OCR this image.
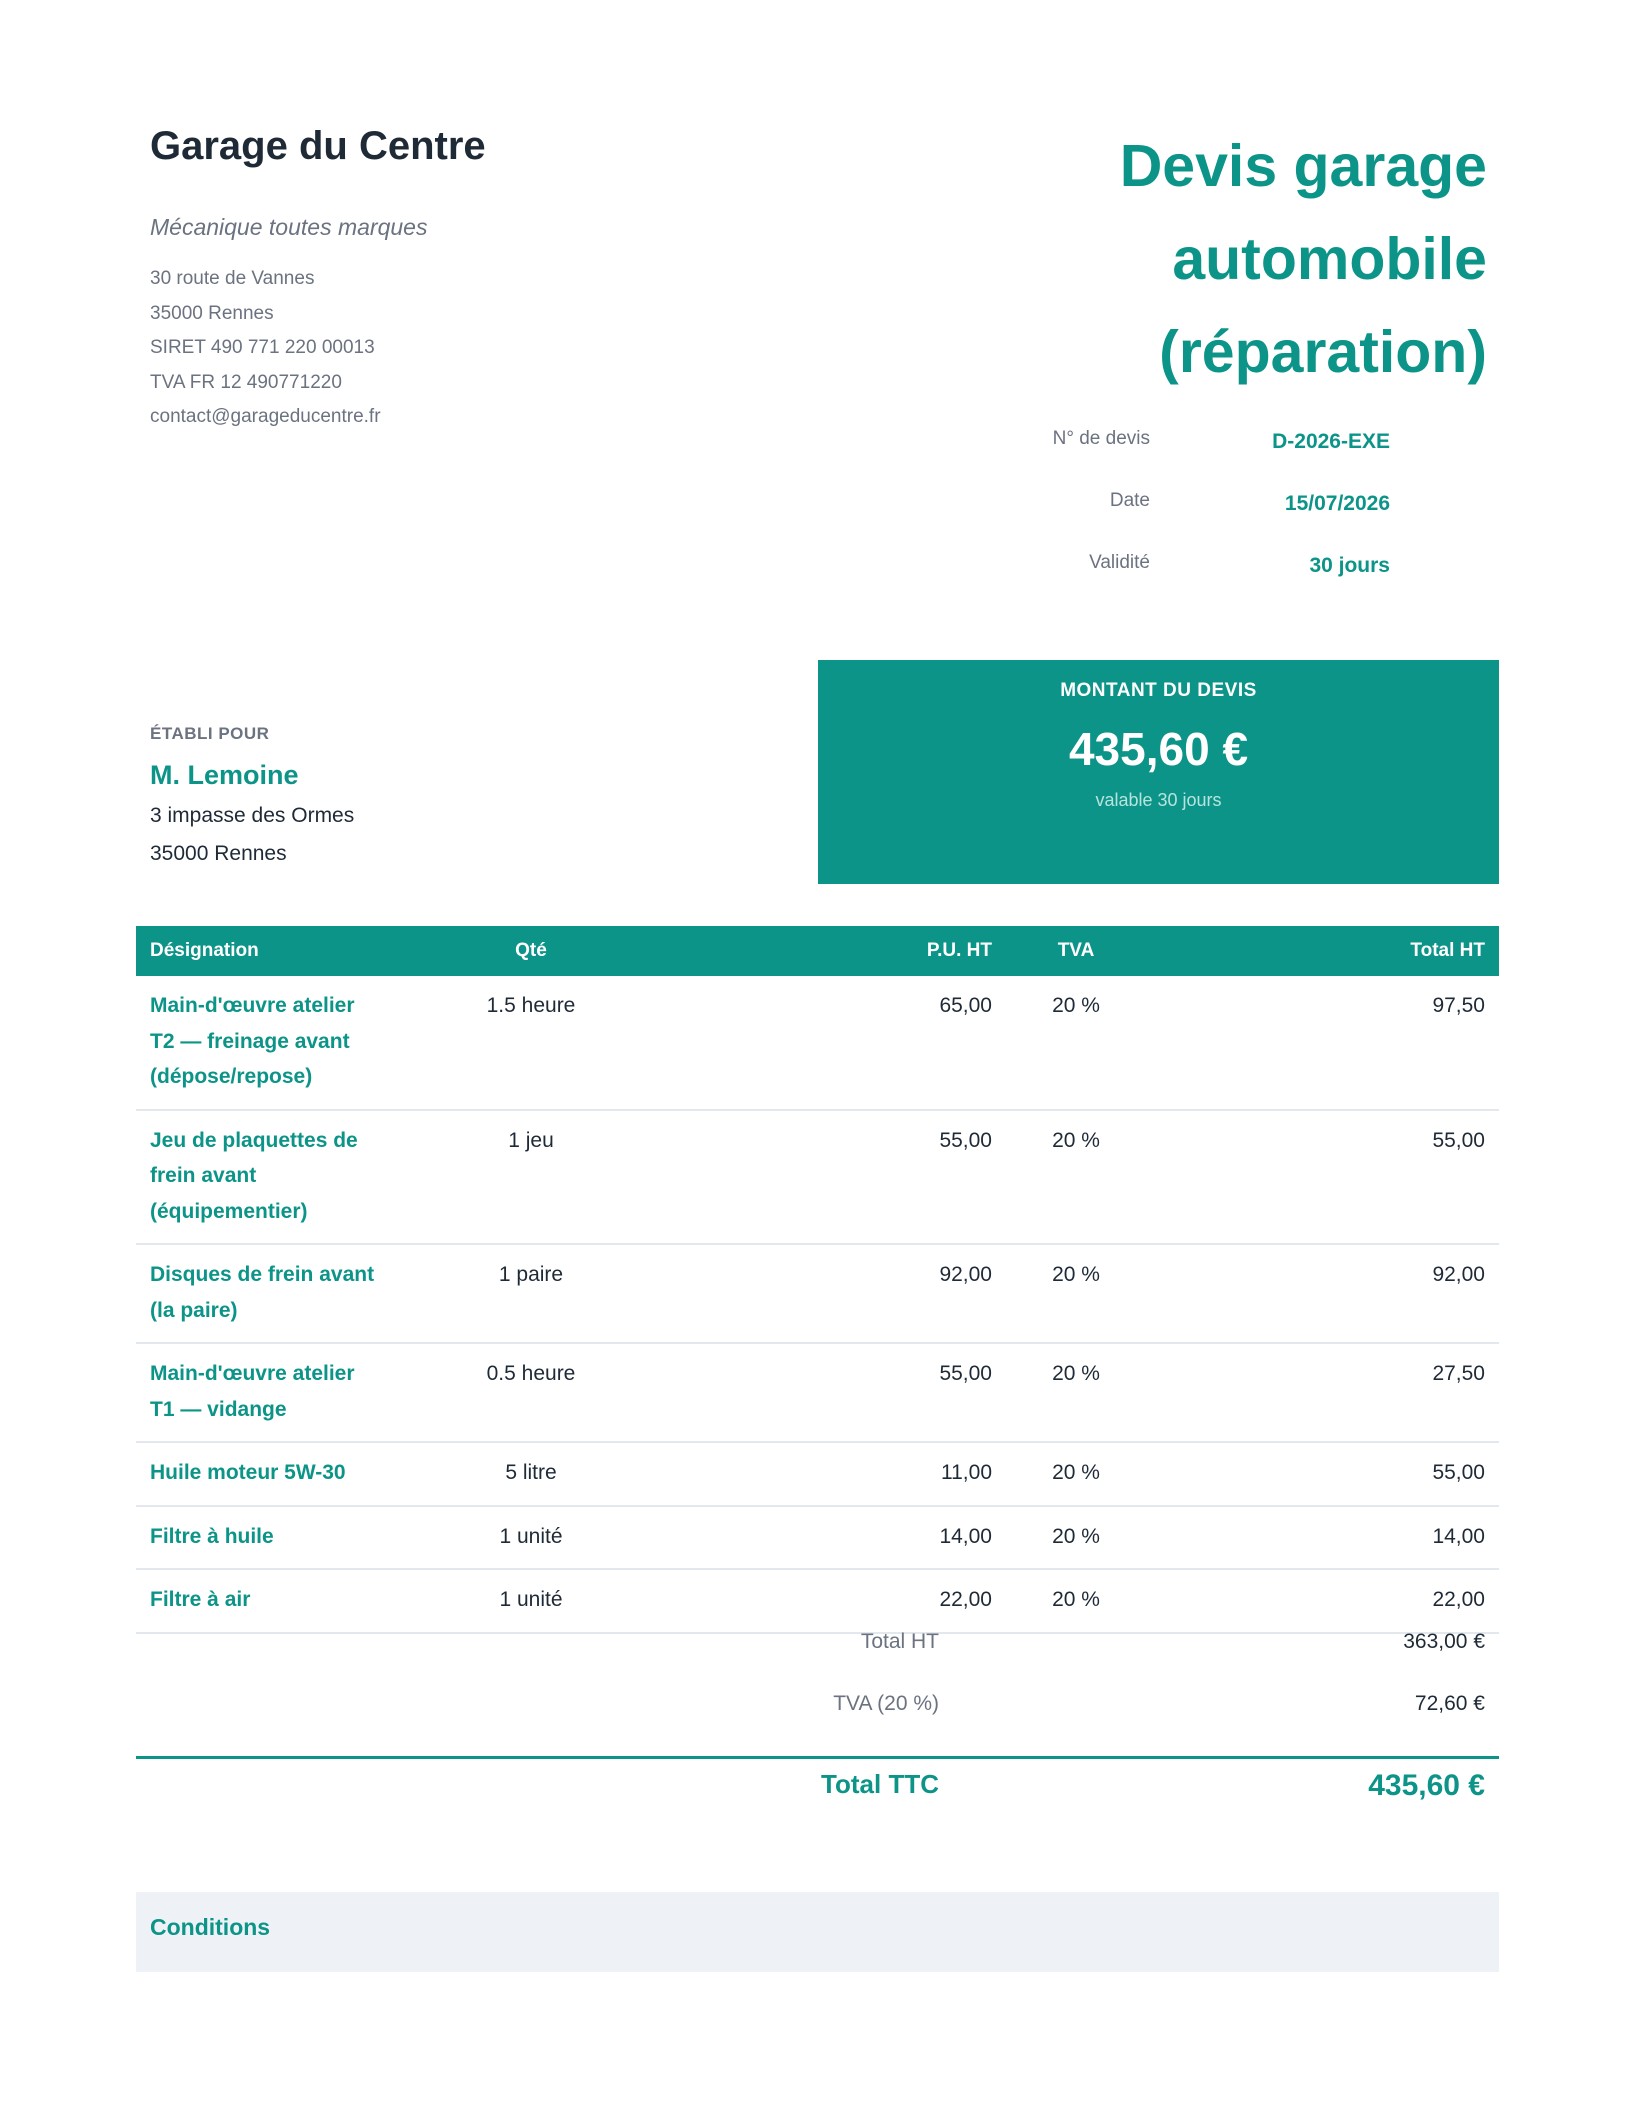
Garage du Centre
Mécanique toutes marques
30 route de Vannes
35000 Rennes
SIRET 490 771 220 00013
TVA FR 12 490771220
contact@garageducentre.fr
Devis garage
automobile
(réparation)
N° de devis	D-2026-EXE
Date	15/07/2026
Validité	30 jours
ÉTABLI POUR
M. Lemoine
3 impasse des Ormes
35000 Rennes
MONTANT DU DEVIS
435,60 €
valable 30 jours
Désignation	Qté	P.U. HT	TVA	Total HT

Main-d'œuvre atelier
T2 — freinage avant
(dépose/repose)	1.5 heure	65,00	20 %	97,50

Jeu de plaquettes de
frein avant
(équipementier)	1 jeu	55,00	20 %	55,00

Disques de frein avant
(la paire)	1 paire	92,00	20 %	92,00

Main-d'œuvre atelier
T1 — vidange	0.5 heure	55,00	20 %	27,50

Huile moteur 5W-30	5 litre	11,00	20 %	55,00

Filtre à huile	1 unité	14,00	20 %	14,00

Filtre à air	1 unité	22,00	20 %	22,00
Total HT	363,00 €
TVA (20 %)	72,60 €
Total TTC	435,60 €
Conditions
